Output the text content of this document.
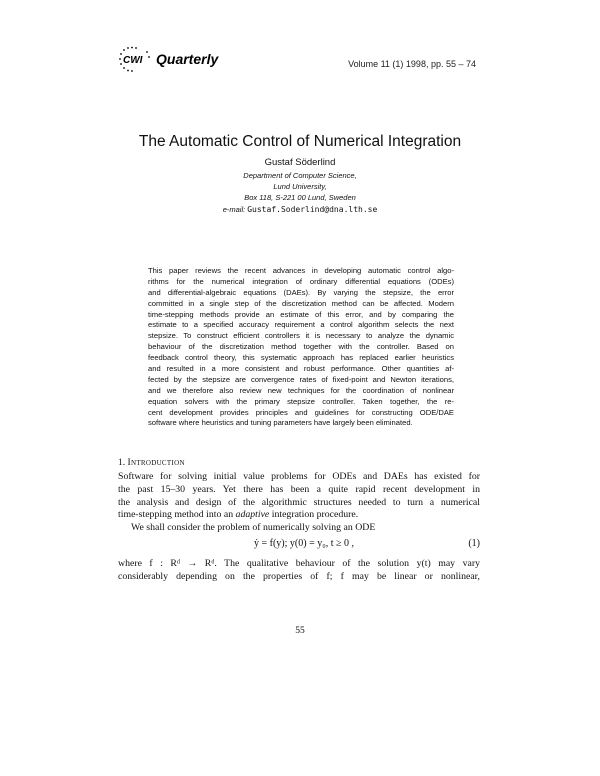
CWI Quarterly	Volume 11 (1) 1998, pp. 55 – 74
The Automatic Control of Numerical Integration
Gustaf Söderlind
Department of Computer Science,
Lund University,
Box 118, S-221 00 Lund, Sweden
e-mail: Gustaf.Soderlind@dna.lth.se
This paper reviews the recent advances in developing automatic control algo-
rithms for the numerical integration of ordinary differential equations (ODEs)
and differential-algebraic equations (DAEs). By varying the stepsize, the error
committed in a single step of the discretization method can be affected. Modern
time-stepping methods provide an estimate of this error, and by comparing the
estimate to a specified accuracy requirement a control algorithm selects the next
stepsize. To construct efficient controllers it is necessary to analyze the dynamic
behaviour of the discretization method together with the controller. Based on
feedback control theory, this systematic approach has replaced earlier heuristics
and resulted in a more consistent and robust performance. Other quantities af-
fected by the stepsize are convergence rates of fixed-point and Newton iterations,
and we therefore also review new techniques for the coordination of nonlinear
equation solvers with the primary stepsize controller. Taken together, the re-
cent development provides principles and guidelines for constructing ODE/DAE
software where heuristics and tuning parameters have largely been eliminated.
1. Introduction
Software for solving initial value problems for ODEs and DAEs has existed for
the past 15–30 years. Yet there has been a quite rapid recent development in
the analysis and design of the algorithmic structures needed to turn a numerical
time-stepping method into an adaptive integration procedure.
We shall consider the problem of numerically solving an ODE
ẏ = f(y); y(0) = y₀, t ≥ 0 ,	(1)
where f : Rᵈ → Rᵈ. The qualitative behaviour of the solution y(t) may vary
considerably depending on the properties of f; f may be linear or nonlinear,
55
